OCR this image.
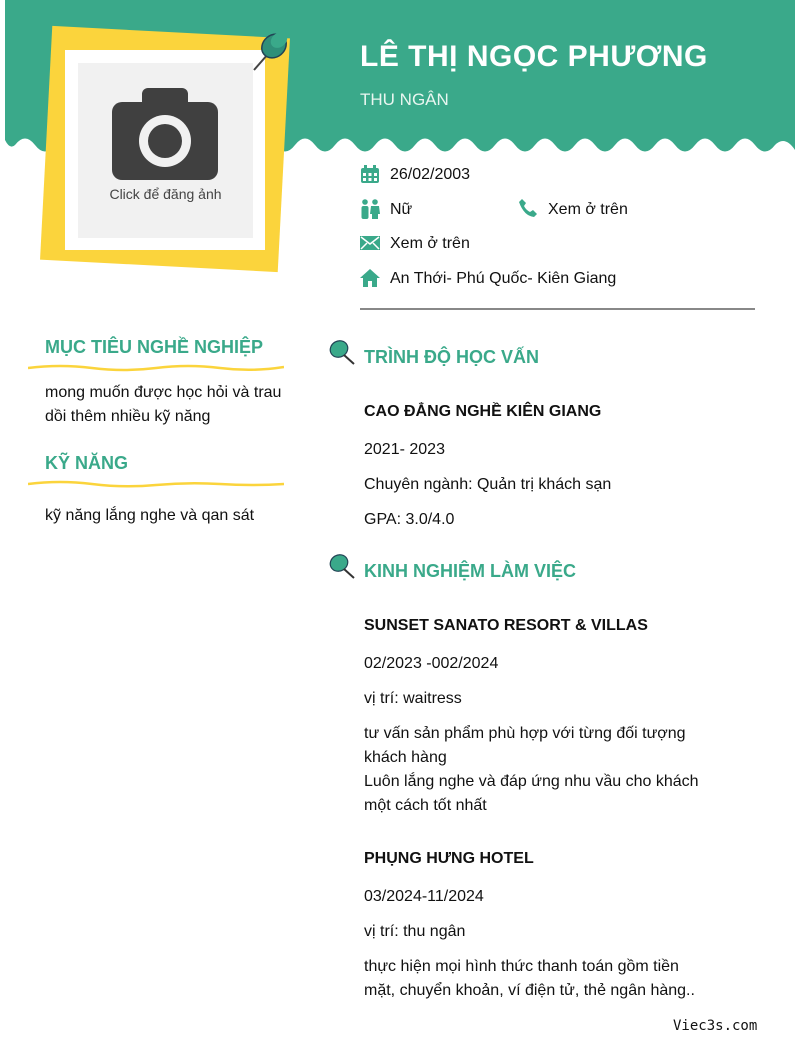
Click để đăng ảnh
LÊ THỊ NGỌC PHƯƠNG
THU NGÂN
26/02/2003
Nữ	Xem ở trên
Xem ở trên
An Thới- Phú Quốc- Kiên Giang
MỤC TIÊU NGHỀ NGHIỆP
mong muốn được học hỏi và trau
dồi thêm nhiều kỹ năng
KỸ NĂNG
kỹ năng lắng nghe và qan sát
TRÌNH ĐỘ HỌC VẤN
CAO ĐẲNG NGHỀ KIÊN GIANG
2021- 2023
Chuyên ngành: Quản trị khách sạn
GPA: 3.0/4.0
KINH NGHIỆM LÀM VIỆC
SUNSET SANATO RESORT & VILLAS
02/2023 -002/2024
vị trí: waitress
tư vấn sản phẩm phù hợp với từng đối tượng
khách hàng
Luôn lắng nghe và đáp ứng nhu vầu cho khách
một cách tốt nhất
PHỤNG HƯNG HOTEL
03/2024-11/2024
vị trí: thu ngân
thực hiện mọi hình thức thanh toán gồm tiền
mặt, chuyển khoản, ví điện tử, thẻ ngân hàng..
Viec3s.com
